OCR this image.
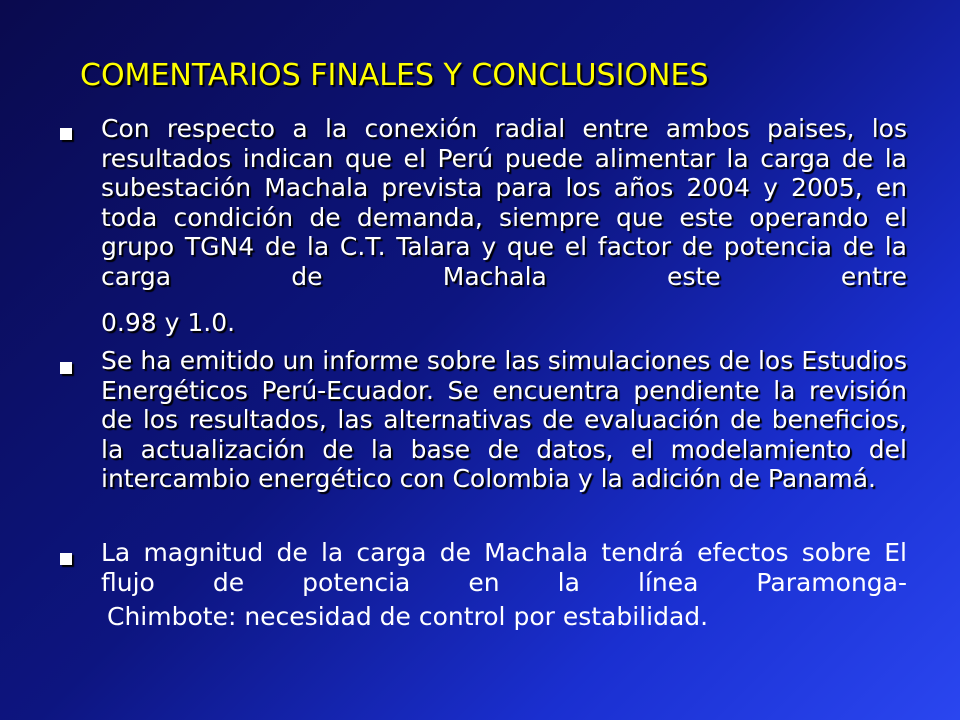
COMENTARIOS FINALES Y CONCLUSIONES

Con respecto a la conexión radial entre ambos paises, los resultados indican que el Perú puede alimentar la carga de la subestación Machala prevista para los años 2004 y 2005, en toda condición de demanda, siempre que este operando el grupo TGN4 de la C.T. Talara y que el factor de potencia de la carga de Machala este entre

0.98 y 1.0.

Se ha emitido un informe sobre las simulaciones de los Estudios Energéticos Perú-Ecuador. Se encuentra pendiente la revisión de los resultados, las alternativas de evaluación de beneficios, la actualización de la base de datos, el modelamiento del intercambio energético con Colombia y la adición de Panamá.

La magnitud de la carga de Machala tendrá efectos sobre El flujo de potencia en la línea Paramonga-

Chimbote: necesidad de control por estabilidad.
